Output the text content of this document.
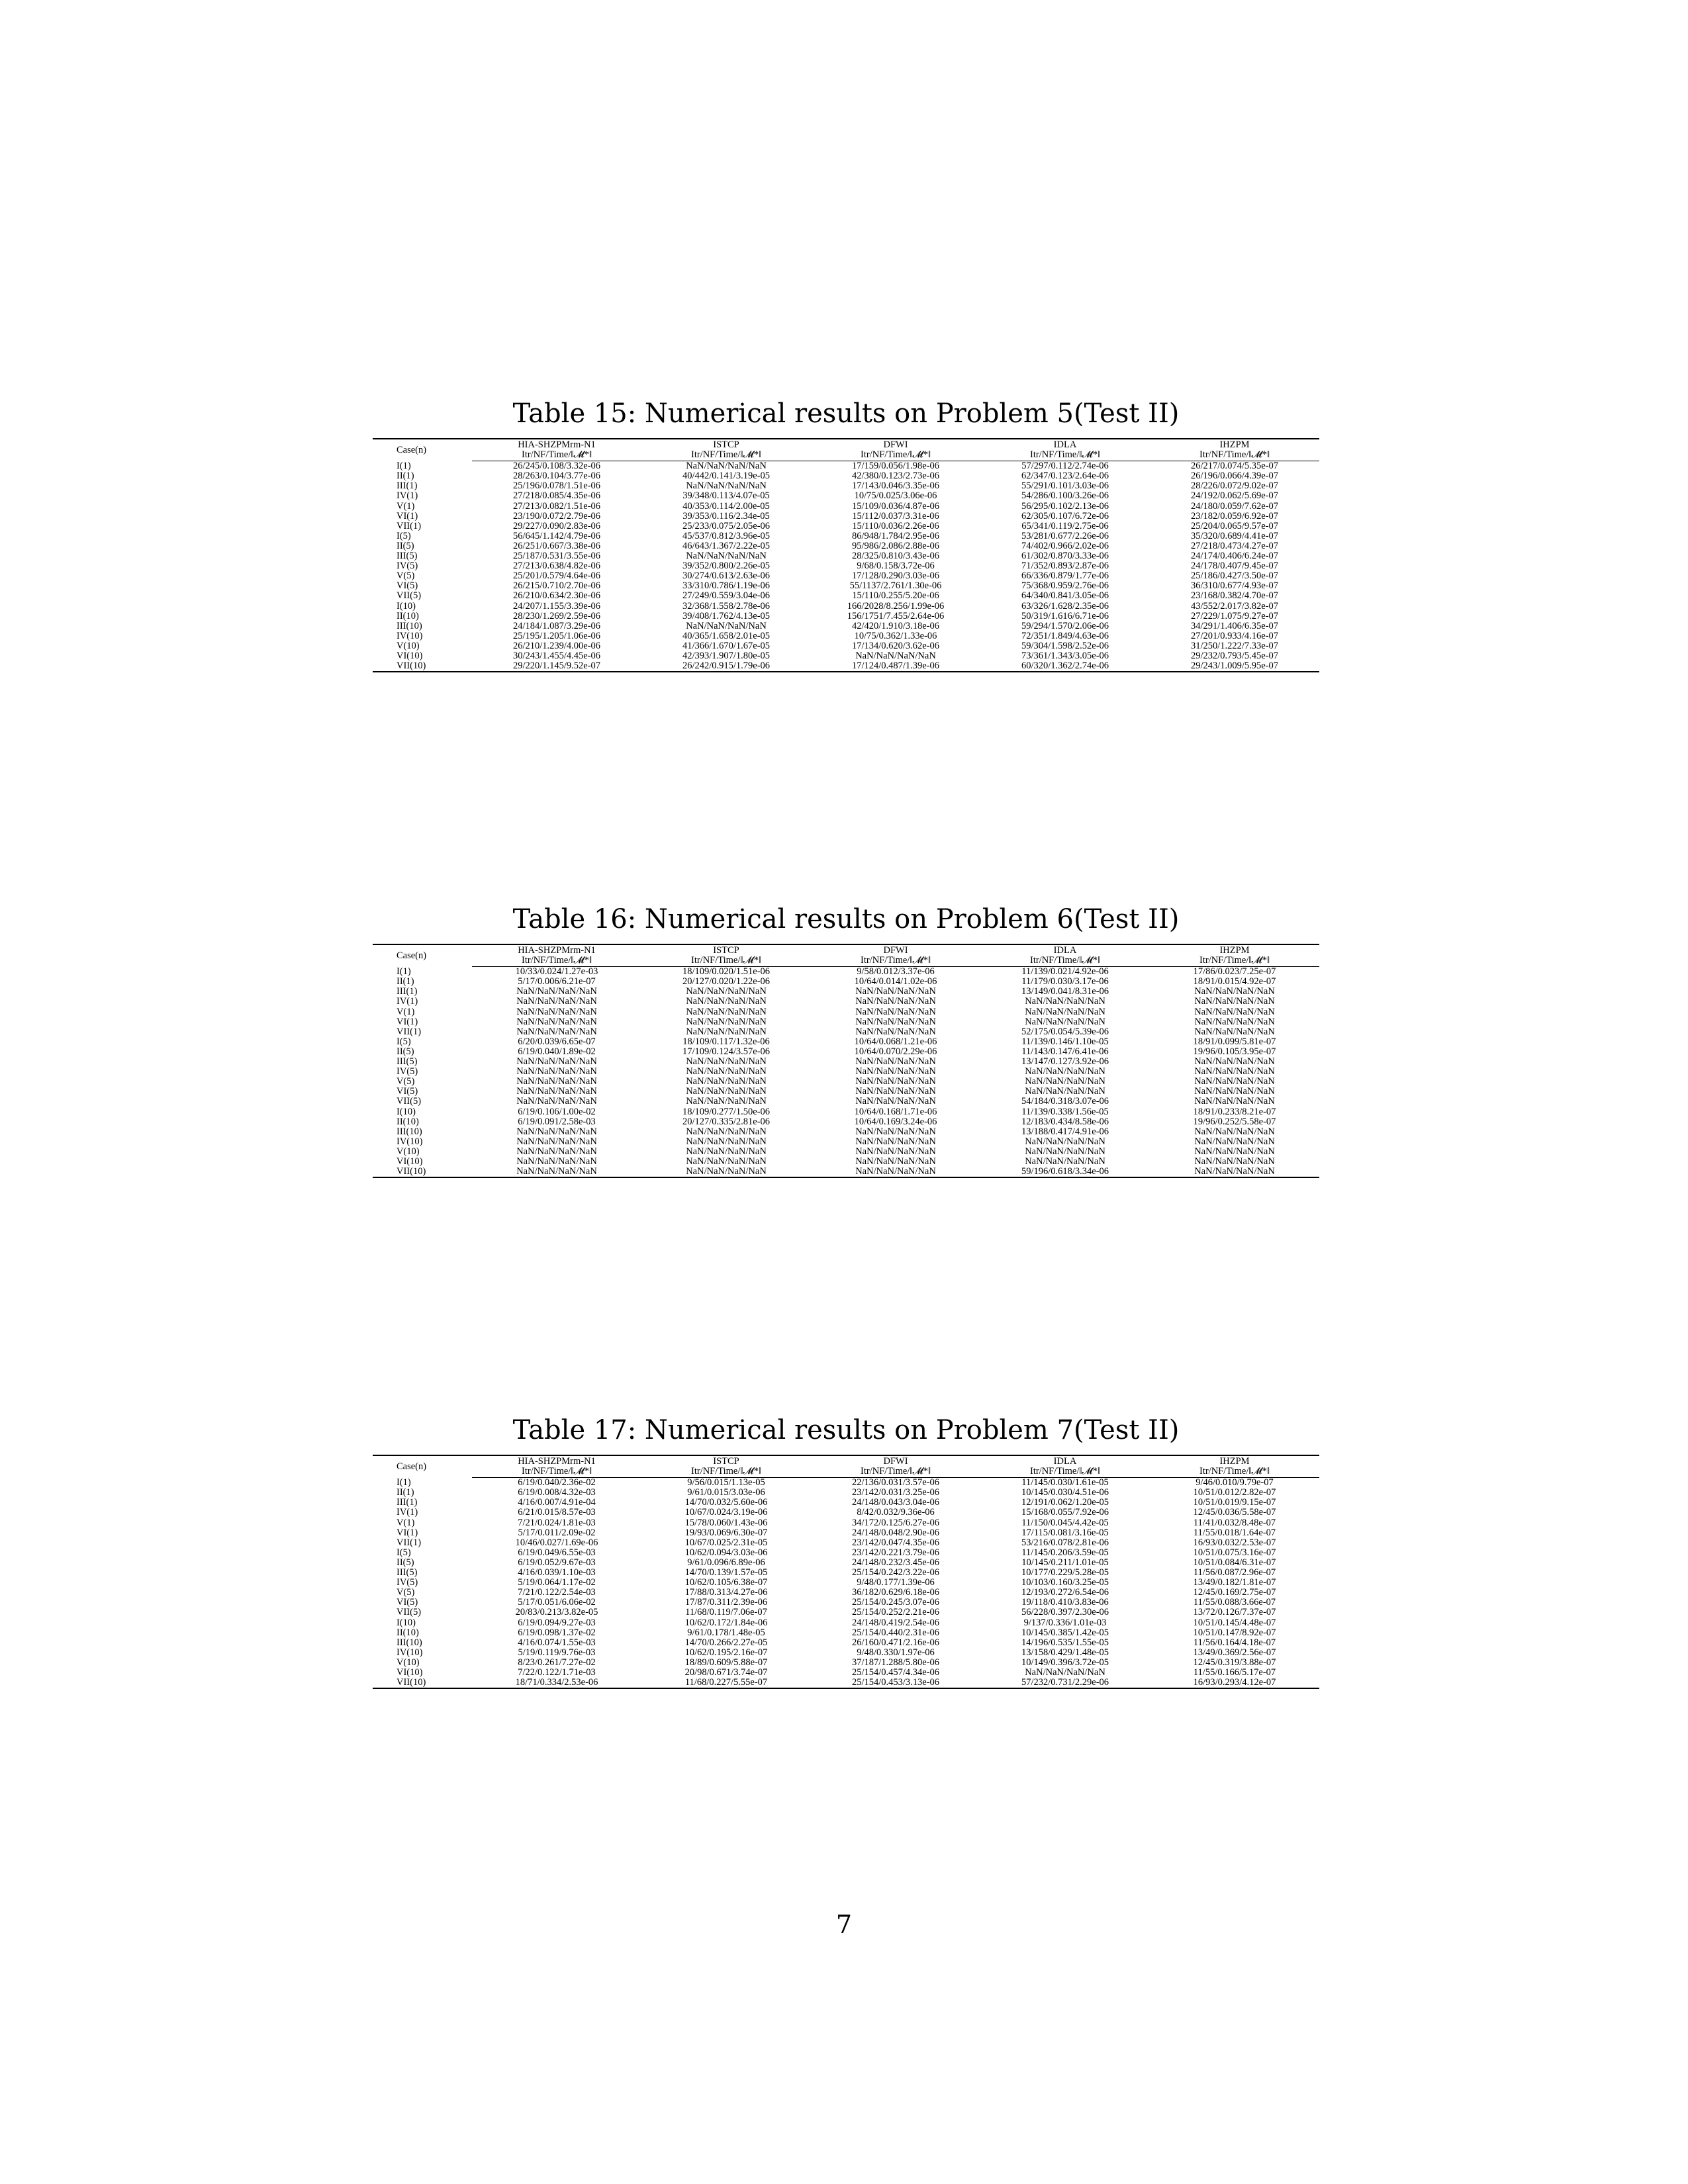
Table 15: Numerical results on Problem 5(Test II)
Case(n)	HIA-SHZPMrm-N1	ISTCP	DFWI	IDLA	IHZPM
	Itr/NF/Time/‖𝓜*‖	Itr/NF/Time/‖𝓜*‖	Itr/NF/Time/‖𝓜*‖	Itr/NF/Time/‖𝓜*‖	Itr/NF/Time/‖𝓜*‖
I(1)	26/245/0.108/3.32e-06	NaN/NaN/NaN/NaN	17/159/0.056/1.98e-06	57/297/0.112/2.74e-06	26/217/0.074/5.35e-07
II(1)	28/263/0.104/3.77e-06	40/442/0.141/3.19e-05	42/380/0.123/2.73e-06	62/347/0.123/2.64e-06	26/196/0.066/4.39e-07
III(1)	25/196/0.078/1.51e-06	NaN/NaN/NaN/NaN	17/143/0.046/3.35e-06	55/291/0.101/3.03e-06	28/226/0.072/9.02e-07
IV(1)	27/218/0.085/4.35e-06	39/348/0.113/4.07e-05	10/75/0.025/3.06e-06	54/286/0.100/3.26e-06	24/192/0.062/5.69e-07
V(1)	27/213/0.082/1.51e-06	40/353/0.114/2.00e-05	15/109/0.036/4.87e-06	56/295/0.102/2.13e-06	24/180/0.059/7.62e-07
VI(1)	23/190/0.072/2.79e-06	39/353/0.116/2.34e-05	15/112/0.037/3.31e-06	62/305/0.107/6.72e-06	23/182/0.059/6.92e-07
VII(1)	29/227/0.090/2.83e-06	25/233/0.075/2.05e-06	15/110/0.036/2.26e-06	65/341/0.119/2.75e-06	25/204/0.065/9.57e-07
I(5)	56/645/1.142/4.79e-06	45/537/0.812/3.96e-05	86/948/1.784/2.95e-06	53/281/0.677/2.26e-06	35/320/0.689/4.41e-07
II(5)	26/251/0.667/3.38e-06	46/643/1.367/2.22e-05	95/986/2.086/2.88e-06	74/402/0.966/2.02e-06	27/218/0.473/4.27e-07
III(5)	25/187/0.531/3.55e-06	NaN/NaN/NaN/NaN	28/325/0.810/3.43e-06	61/302/0.870/3.33e-06	24/174/0.406/6.24e-07
IV(5)	27/213/0.638/4.82e-06	39/352/0.800/2.26e-05	9/68/0.158/3.72e-06	71/352/0.893/2.87e-06	24/178/0.407/9.45e-07
V(5)	25/201/0.579/4.64e-06	30/274/0.613/2.63e-06	17/128/0.290/3.03e-06	66/336/0.879/1.77e-06	25/186/0.427/3.50e-07
VI(5)	26/215/0.710/2.70e-06	33/310/0.786/1.19e-06	55/1137/2.761/1.30e-06	75/368/0.959/2.76e-06	36/310/0.677/4.93e-07
VII(5)	26/210/0.634/2.30e-06	27/249/0.559/3.04e-06	15/110/0.255/5.20e-06	64/340/0.841/3.05e-06	23/168/0.382/4.70e-07
I(10)	24/207/1.155/3.39e-06	32/368/1.558/2.78e-06	166/2028/8.256/1.99e-06	63/326/1.628/2.35e-06	43/552/2.017/3.82e-07
II(10)	28/230/1.269/2.59e-06	39/408/1.762/4.13e-05	156/1751/7.455/2.64e-06	50/319/1.616/6.71e-06	27/229/1.075/9.27e-07
III(10)	24/184/1.087/3.29e-06	NaN/NaN/NaN/NaN	42/420/1.910/3.18e-06	59/294/1.570/2.06e-06	34/291/1.406/6.35e-07
IV(10)	25/195/1.205/1.06e-06	40/365/1.658/2.01e-05	10/75/0.362/1.33e-06	72/351/1.849/4.63e-06	27/201/0.933/4.16e-07
V(10)	26/210/1.239/4.00e-06	41/366/1.670/1.67e-05	17/134/0.620/3.62e-06	59/304/1.598/2.52e-06	31/250/1.222/7.33e-07
VI(10)	30/243/1.455/4.45e-06	42/393/1.907/1.80e-05	NaN/NaN/NaN/NaN	73/361/1.343/3.05e-06	29/232/0.793/5.45e-07
VII(10)	29/220/1.145/9.52e-07	26/242/0.915/1.79e-06	17/124/0.487/1.39e-06	60/320/1.362/2.74e-06	29/243/1.009/5.95e-07
Table 16: Numerical results on Problem 6(Test II)
Case(n)	HIA-SHZPMrm-N1	ISTCP	DFWI	IDLA	IHZPM
	Itr/NF/Time/‖𝓜*‖	Itr/NF/Time/‖𝓜*‖	Itr/NF/Time/‖𝓜*‖	Itr/NF/Time/‖𝓜*‖	Itr/NF/Time/‖𝓜*‖
I(1)	10/33/0.024/1.27e-03	18/109/0.020/1.51e-06	9/58/0.012/3.37e-06	11/139/0.021/4.92e-06	17/86/0.023/7.25e-07
II(1)	5/17/0.006/6.21e-07	20/127/0.020/1.22e-06	10/64/0.014/1.02e-06	11/179/0.030/3.17e-06	18/91/0.015/4.92e-07
III(1)	NaN/NaN/NaN/NaN	NaN/NaN/NaN/NaN	NaN/NaN/NaN/NaN	13/149/0.041/8.31e-06	NaN/NaN/NaN/NaN
IV(1)	NaN/NaN/NaN/NaN	NaN/NaN/NaN/NaN	NaN/NaN/NaN/NaN	NaN/NaN/NaN/NaN	NaN/NaN/NaN/NaN
V(1)	NaN/NaN/NaN/NaN	NaN/NaN/NaN/NaN	NaN/NaN/NaN/NaN	NaN/NaN/NaN/NaN	NaN/NaN/NaN/NaN
VI(1)	NaN/NaN/NaN/NaN	NaN/NaN/NaN/NaN	NaN/NaN/NaN/NaN	NaN/NaN/NaN/NaN	NaN/NaN/NaN/NaN
VII(1)	NaN/NaN/NaN/NaN	NaN/NaN/NaN/NaN	NaN/NaN/NaN/NaN	52/175/0.054/5.39e-06	NaN/NaN/NaN/NaN
I(5)	6/20/0.039/6.65e-07	18/109/0.117/1.32e-06	10/64/0.068/1.21e-06	11/139/0.146/1.10e-05	18/91/0.099/5.81e-07
II(5)	6/19/0.040/1.89e-02	17/109/0.124/3.57e-06	10/64/0.070/2.29e-06	11/143/0.147/6.41e-06	19/96/0.105/3.95e-07
III(5)	NaN/NaN/NaN/NaN	NaN/NaN/NaN/NaN	NaN/NaN/NaN/NaN	13/147/0.127/3.92e-06	NaN/NaN/NaN/NaN
IV(5)	NaN/NaN/NaN/NaN	NaN/NaN/NaN/NaN	NaN/NaN/NaN/NaN	NaN/NaN/NaN/NaN	NaN/NaN/NaN/NaN
V(5)	NaN/NaN/NaN/NaN	NaN/NaN/NaN/NaN	NaN/NaN/NaN/NaN	NaN/NaN/NaN/NaN	NaN/NaN/NaN/NaN
VI(5)	NaN/NaN/NaN/NaN	NaN/NaN/NaN/NaN	NaN/NaN/NaN/NaN	NaN/NaN/NaN/NaN	NaN/NaN/NaN/NaN
VII(5)	NaN/NaN/NaN/NaN	NaN/NaN/NaN/NaN	NaN/NaN/NaN/NaN	54/184/0.318/3.07e-06	NaN/NaN/NaN/NaN
I(10)	6/19/0.106/1.00e-02	18/109/0.277/1.50e-06	10/64/0.168/1.71e-06	11/139/0.338/1.56e-05	18/91/0.233/8.21e-07
II(10)	6/19/0.091/2.58e-03	20/127/0.335/2.81e-06	10/64/0.169/3.24e-06	12/183/0.434/8.58e-06	19/96/0.252/5.58e-07
III(10)	NaN/NaN/NaN/NaN	NaN/NaN/NaN/NaN	NaN/NaN/NaN/NaN	13/188/0.417/4.91e-06	NaN/NaN/NaN/NaN
IV(10)	NaN/NaN/NaN/NaN	NaN/NaN/NaN/NaN	NaN/NaN/NaN/NaN	NaN/NaN/NaN/NaN	NaN/NaN/NaN/NaN
V(10)	NaN/NaN/NaN/NaN	NaN/NaN/NaN/NaN	NaN/NaN/NaN/NaN	NaN/NaN/NaN/NaN	NaN/NaN/NaN/NaN
VI(10)	NaN/NaN/NaN/NaN	NaN/NaN/NaN/NaN	NaN/NaN/NaN/NaN	NaN/NaN/NaN/NaN	NaN/NaN/NaN/NaN
VII(10)	NaN/NaN/NaN/NaN	NaN/NaN/NaN/NaN	NaN/NaN/NaN/NaN	59/196/0.618/3.34e-06	NaN/NaN/NaN/NaN
Table 17: Numerical results on Problem 7(Test II)
Case(n)	HIA-SHZPMrm-N1	ISTCP	DFWI	IDLA	IHZPM
	Itr/NF/Time/‖𝓜*‖	Itr/NF/Time/‖𝓜*‖	Itr/NF/Time/‖𝓜*‖	Itr/NF/Time/‖𝓜*‖	Itr/NF/Time/‖𝓜*‖
I(1)	6/19/0.040/2.36e-02	9/56/0.015/1.13e-05	22/136/0.031/3.57e-06	11/145/0.030/1.61e-05	9/46/0.010/9.79e-07
II(1)	6/19/0.008/4.32e-03	9/61/0.015/3.03e-06	23/142/0.031/3.25e-06	10/145/0.030/4.51e-06	10/51/0.012/2.82e-07
III(1)	4/16/0.007/4.91e-04	14/70/0.032/5.60e-06	24/148/0.043/3.04e-06	12/191/0.062/1.20e-05	10/51/0.019/9.15e-07
IV(1)	6/21/0.015/8.57e-03	10/67/0.024/3.19e-06	8/42/0.032/9.36e-06	15/168/0.055/7.92e-06	12/45/0.036/5.58e-07
V(1)	7/21/0.024/1.81e-03	15/78/0.060/1.43e-06	34/172/0.125/6.27e-06	11/150/0.045/4.42e-05	11/41/0.032/8.48e-07
VI(1)	5/17/0.011/2.09e-02	19/93/0.069/6.30e-07	24/148/0.048/2.90e-06	17/115/0.081/3.16e-05	11/55/0.018/1.64e-07
VII(1)	10/46/0.027/1.69e-06	10/67/0.025/2.31e-05	23/142/0.047/4.35e-06	53/216/0.078/2.81e-06	16/93/0.032/2.53e-07
I(5)	6/19/0.049/6.55e-03	10/62/0.094/3.03e-06	23/142/0.221/3.79e-06	11/145/0.206/3.59e-05	10/51/0.075/3.16e-07
II(5)	6/19/0.052/9.67e-03	9/61/0.096/6.89e-06	24/148/0.232/3.45e-06	10/145/0.211/1.01e-05	10/51/0.084/6.31e-07
III(5)	4/16/0.039/1.10e-03	14/70/0.139/1.57e-05	25/154/0.242/3.22e-06	10/177/0.229/5.28e-05	11/56/0.087/2.96e-07
IV(5)	5/19/0.064/1.17e-02	10/62/0.105/6.38e-07	9/48/0.177/1.39e-06	10/103/0.160/3.25e-05	13/49/0.182/1.81e-07
V(5)	7/21/0.122/2.54e-03	17/88/0.313/4.27e-06	36/182/0.629/6.18e-06	12/193/0.272/6.54e-06	12/45/0.169/2.75e-07
VI(5)	5/17/0.051/6.06e-02	17/87/0.311/2.39e-06	25/154/0.245/3.07e-06	19/118/0.410/3.83e-06	11/55/0.088/3.66e-07
VII(5)	20/83/0.213/3.82e-05	11/68/0.119/7.06e-07	25/154/0.252/2.21e-06	56/228/0.397/2.30e-06	13/72/0.126/7.37e-07
I(10)	6/19/0.094/9.27e-03	10/62/0.172/1.84e-06	24/148/0.419/2.54e-06	9/137/0.336/1.01e-03	10/51/0.145/4.48e-07
II(10)	6/19/0.098/1.37e-02	9/61/0.178/1.48e-05	25/154/0.440/2.31e-06	10/145/0.385/1.42e-05	10/51/0.147/8.92e-07
III(10)	4/16/0.074/1.55e-03	14/70/0.266/2.27e-05	26/160/0.471/2.16e-06	14/196/0.535/1.55e-05	11/56/0.164/4.18e-07
IV(10)	5/19/0.119/9.76e-03	10/62/0.195/2.16e-07	9/48/0.330/1.97e-06	13/158/0.429/1.48e-05	13/49/0.369/2.56e-07
V(10)	8/23/0.261/7.27e-02	18/89/0.609/5.88e-07	37/187/1.288/5.80e-06	10/149/0.396/3.72e-05	12/45/0.319/3.88e-07
VI(10)	7/22/0.122/1.71e-03	20/98/0.671/3.74e-07	25/154/0.457/4.34e-06	NaN/NaN/NaN/NaN	11/55/0.166/5.17e-07
VII(10)	18/71/0.334/2.53e-06	11/68/0.227/5.55e-07	25/154/0.453/3.13e-06	57/232/0.731/2.29e-06	16/93/0.293/4.12e-07
7
